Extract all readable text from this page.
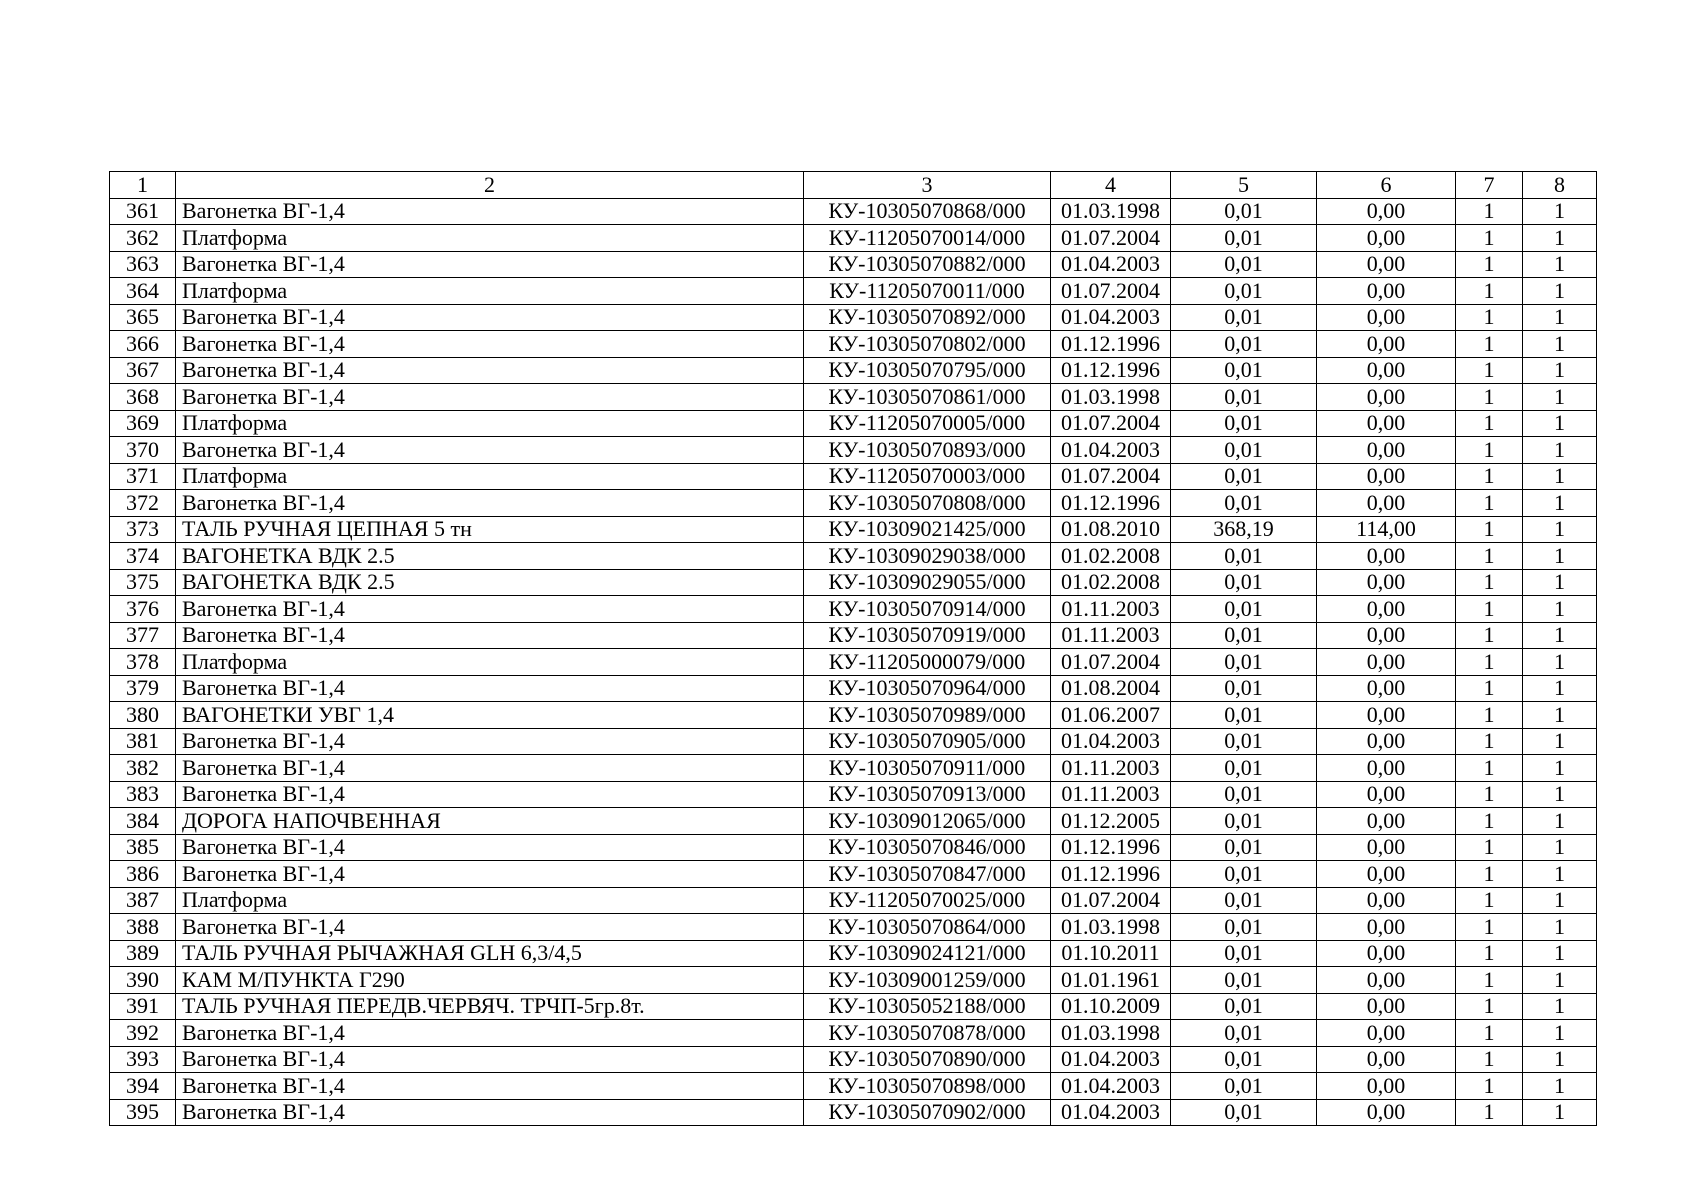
1	2	3	4	5	6	7	8
361	Вагонетка ВГ-1,4	КУ-10305070868/000	01.03.1998	0,01	0,00	1	1
362	Платформа	КУ-11205070014/000	01.07.2004	0,01	0,00	1	1
363	Вагонетка ВГ-1,4	КУ-10305070882/000	01.04.2003	0,01	0,00	1	1
364	Платформа	КУ-11205070011/000	01.07.2004	0,01	0,00	1	1
365	Вагонетка ВГ-1,4	КУ-10305070892/000	01.04.2003	0,01	0,00	1	1
366	Вагонетка ВГ-1,4	КУ-10305070802/000	01.12.1996	0,01	0,00	1	1
367	Вагонетка ВГ-1,4	КУ-10305070795/000	01.12.1996	0,01	0,00	1	1
368	Вагонетка ВГ-1,4	КУ-10305070861/000	01.03.1998	0,01	0,00	1	1
369	Платформа	КУ-11205070005/000	01.07.2004	0,01	0,00	1	1
370	Вагонетка ВГ-1,4	КУ-10305070893/000	01.04.2003	0,01	0,00	1	1
371	Платформа	КУ-11205070003/000	01.07.2004	0,01	0,00	1	1
372	Вагонетка ВГ-1,4	КУ-10305070808/000	01.12.1996	0,01	0,00	1	1
373	ТАЛЬ РУЧНАЯ ЦЕПНАЯ 5 тн	КУ-10309021425/000	01.08.2010	368,19	114,00	1	1
374	ВАГОНЕТКА ВДК 2.5	КУ-10309029038/000	01.02.2008	0,01	0,00	1	1
375	ВАГОНЕТКА ВДК 2.5	КУ-10309029055/000	01.02.2008	0,01	0,00	1	1
376	Вагонетка ВГ-1,4	КУ-10305070914/000	01.11.2003	0,01	0,00	1	1
377	Вагонетка ВГ-1,4	КУ-10305070919/000	01.11.2003	0,01	0,00	1	1
378	Платформа	КУ-11205000079/000	01.07.2004	0,01	0,00	1	1
379	Вагонетка ВГ-1,4	КУ-10305070964/000	01.08.2004	0,01	0,00	1	1
380	ВАГОНЕТКИ УВГ 1,4	КУ-10305070989/000	01.06.2007	0,01	0,00	1	1
381	Вагонетка ВГ-1,4	КУ-10305070905/000	01.04.2003	0,01	0,00	1	1
382	Вагонетка ВГ-1,4	КУ-10305070911/000	01.11.2003	0,01	0,00	1	1
383	Вагонетка ВГ-1,4	КУ-10305070913/000	01.11.2003	0,01	0,00	1	1
384	ДОРОГА НАПОЧВЕННАЯ	КУ-10309012065/000	01.12.2005	0,01	0,00	1	1
385	Вагонетка ВГ-1,4	КУ-10305070846/000	01.12.1996	0,01	0,00	1	1
386	Вагонетка ВГ-1,4	КУ-10305070847/000	01.12.1996	0,01	0,00	1	1
387	Платформа	КУ-11205070025/000	01.07.2004	0,01	0,00	1	1
388	Вагонетка ВГ-1,4	КУ-10305070864/000	01.03.1998	0,01	0,00	1	1
389	ТАЛЬ РУЧНАЯ РЫЧАЖНАЯ GLH 6,3/4,5	КУ-10309024121/000	01.10.2011	0,01	0,00	1	1
390	КАМ М/ПУНКТА Г290	КУ-10309001259/000	01.01.1961	0,01	0,00	1	1
391	ТАЛЬ РУЧНАЯ ПЕРЕДВ.ЧЕРВЯЧ. ТРЧП-5гр.8т.	КУ-10305052188/000	01.10.2009	0,01	0,00	1	1
392	Вагонетка ВГ-1,4	КУ-10305070878/000	01.03.1998	0,01	0,00	1	1
393	Вагонетка ВГ-1,4	КУ-10305070890/000	01.04.2003	0,01	0,00	1	1
394	Вагонетка ВГ-1,4	КУ-10305070898/000	01.04.2003	0,01	0,00	1	1
395	Вагонетка ВГ-1,4	КУ-10305070902/000	01.04.2003	0,01	0,00	1	1
